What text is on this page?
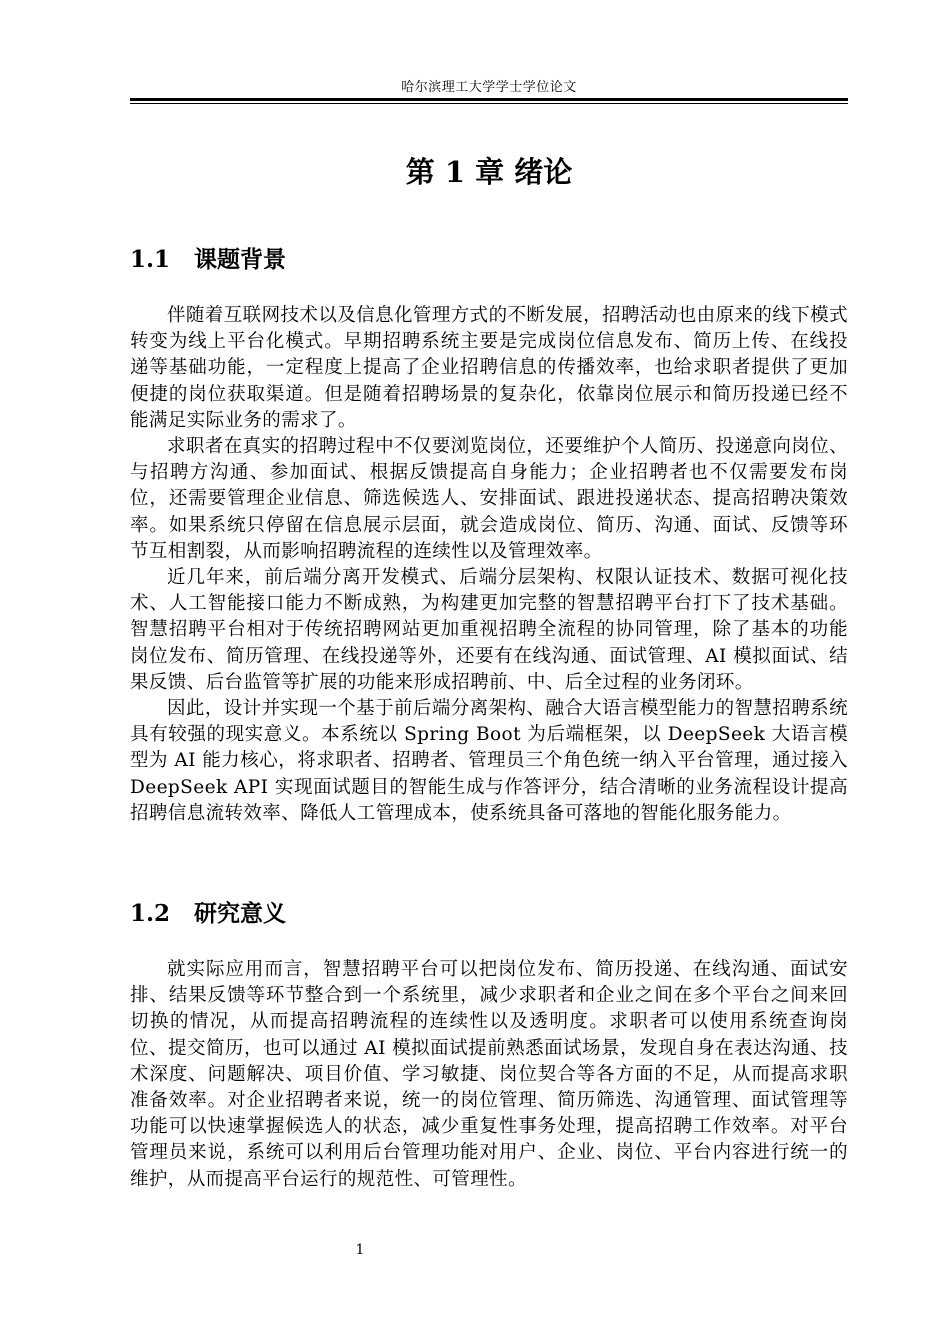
哈尔滨理工大学学士学位论文
第 1 章 绪论
1.1 课题背景

伴随着互联网技术以及信息化管理方式的不断发展，招聘活动也由原来的线下模式转变为线上平台化模式。早期招聘系统主要是完成岗位信息发布、简历上传、在线投递等基础功能，一定程度上提高了企业招聘信息的传播效率，也给求职者提供了更加便捷的岗位获取渠道。但是随着招聘场景的复杂化，依靠岗位展示和简历投递已经不能满足实际业务的需求了。

求职者在真实的招聘过程中不仅要浏览岗位，还要维护个人简历、投递意向岗位、与招聘方沟通、参加面试、根据反馈提高自身能力；企业招聘者也不仅需要发布岗位，还需要管理企业信息、筛选候选人、安排面试、跟进投递状态、提高招聘决策效率。如果系统只停留在信息展示层面，就会造成岗位、简历、沟通、面试、反馈等环节互相割裂，从而影响招聘流程的连续性以及管理效率。

近几年来，前后端分离开发模式、后端分层架构、权限认证技术、数据可视化技术、人工智能接口能力不断成熟，为构建更加完整的智慧招聘平台打下了技术基础。智慧招聘平台相对于传统招聘网站更加重视招聘全流程的协同管理，除了基本的功能岗位发布、简历管理、在线投递等外，还要有在线沟通、面试管理、AI 模拟面试、结果反馈、后台监管等扩展的功能来形成招聘前、中、后全过程的业务闭环。

因此，设计并实现一个基于前后端分离架构、融合大语言模型能力的智慧招聘系统具有较强的现实意义。本系统以 Spring Boot 为后端框架，以 DeepSeek 大语言模型为 AI 能力核心，将求职者、招聘者、管理员三个角色统一纳入平台管理，通过接入 DeepSeek API 实现面试题目的智能生成与作答评分，结合清晰的业务流程设计提高招聘信息流转效率、降低人工管理成本，使系统具备可落地的智能化服务能力。

1.2 研究意义

就实际应用而言，智慧招聘平台可以把岗位发布、简历投递、在线沟通、面试安排、结果反馈等环节整合到一个系统里，减少求职者和企业之间在多个平台之间来回切换的情况，从而提高招聘流程的连续性以及透明度。求职者可以使用系统查询岗位、提交简历，也可以通过 AI 模拟面试提前熟悉面试场景，发现自身在表达沟通、技术深度、问题解决、项目价值、学习敏捷、岗位契合等各方面的不足，从而提高求职准备效率。对企业招聘者来说，统一的岗位管理、简历筛选、沟通管理、面试管理等功能可以快速掌握候选人的状态，减少重复性事务处理，提高招聘工作效率。对平台管理员来说，系统可以利用后台管理功能对用户、企业、岗位、平台内容进行统一的维护，从而提高平台运行的规范性、可管理性。

1
